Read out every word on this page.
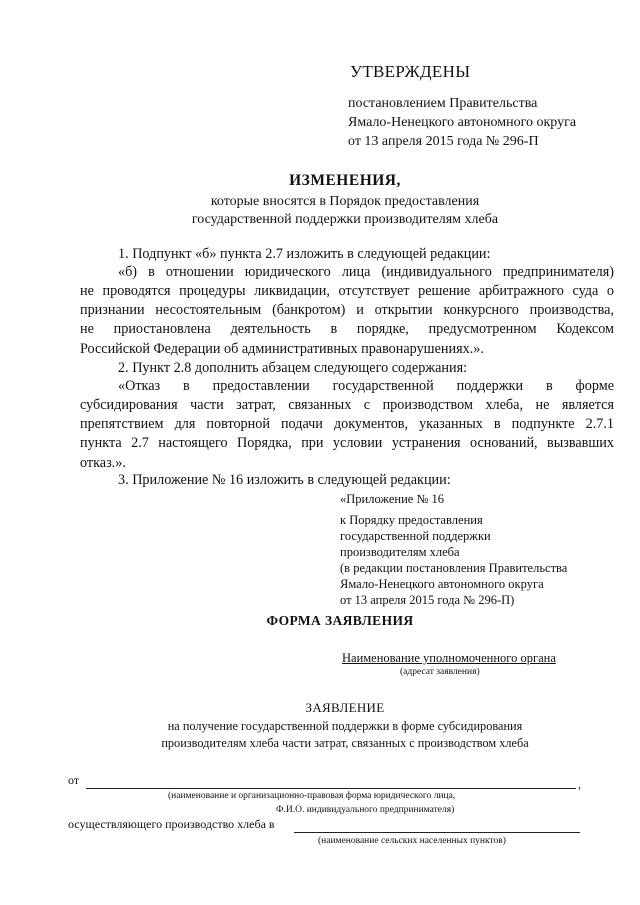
УТВЕРЖДЕНЫ
постановлением Правительства
Ямало-Ненецкого автономного округа
от 13 апреля 2015 года № 296-П
ИЗМЕНЕНИЯ,
которые вносятся в Порядок предоставления
государственной поддержки производителям хлеба
1. Подпункт «б» пункта 2.7 изложить в следующей редакции:
«б) в отношении юридического лица (индивидуального предпринимателя)
не проводятся процедуры ликвидации, отсутствует решение арбитражного суда о
признании несостоятельным (банкротом) и открытии конкурсного производства,
не приостановлена деятельность в порядке, предусмотренном Кодексом
Российской Федерации об административных правонарушениях.».
2. Пункт 2.8 дополнить абзацем следующего содержания:
«Отказ в предоставлении государственной поддержки в форме
субсидирования части затрат, связанных с производством хлеба, не является
препятствием для повторной подачи документов, указанных в подпункте 2.7.1
пункта 2.7 настоящего Порядка, при условии устранения оснований, вызвавших
отказ.».
3. Приложение № 16 изложить в следующей редакции:
«Приложение № 16
к Порядку предоставления
государственной поддержки
производителям хлеба
(в редакции постановления Правительства
Ямало-Ненецкого автономного округа
от 13 апреля 2015 года № 296-П)
ФОРМА ЗАЯВЛЕНИЯ
Наименование уполномоченного органа
(адресат заявления)
ЗАЯВЛЕНИЕ
на получение государственной поддержки в форме субсидирования
производителям хлеба части затрат, связанных с производством хлеба
от	,
(наименование и организационно-правовая форма юридического лица,
Ф.И.О. индивидуального предпринимателя)
осуществляющего производство хлеба в
(наименование сельских населенных пунктов)
